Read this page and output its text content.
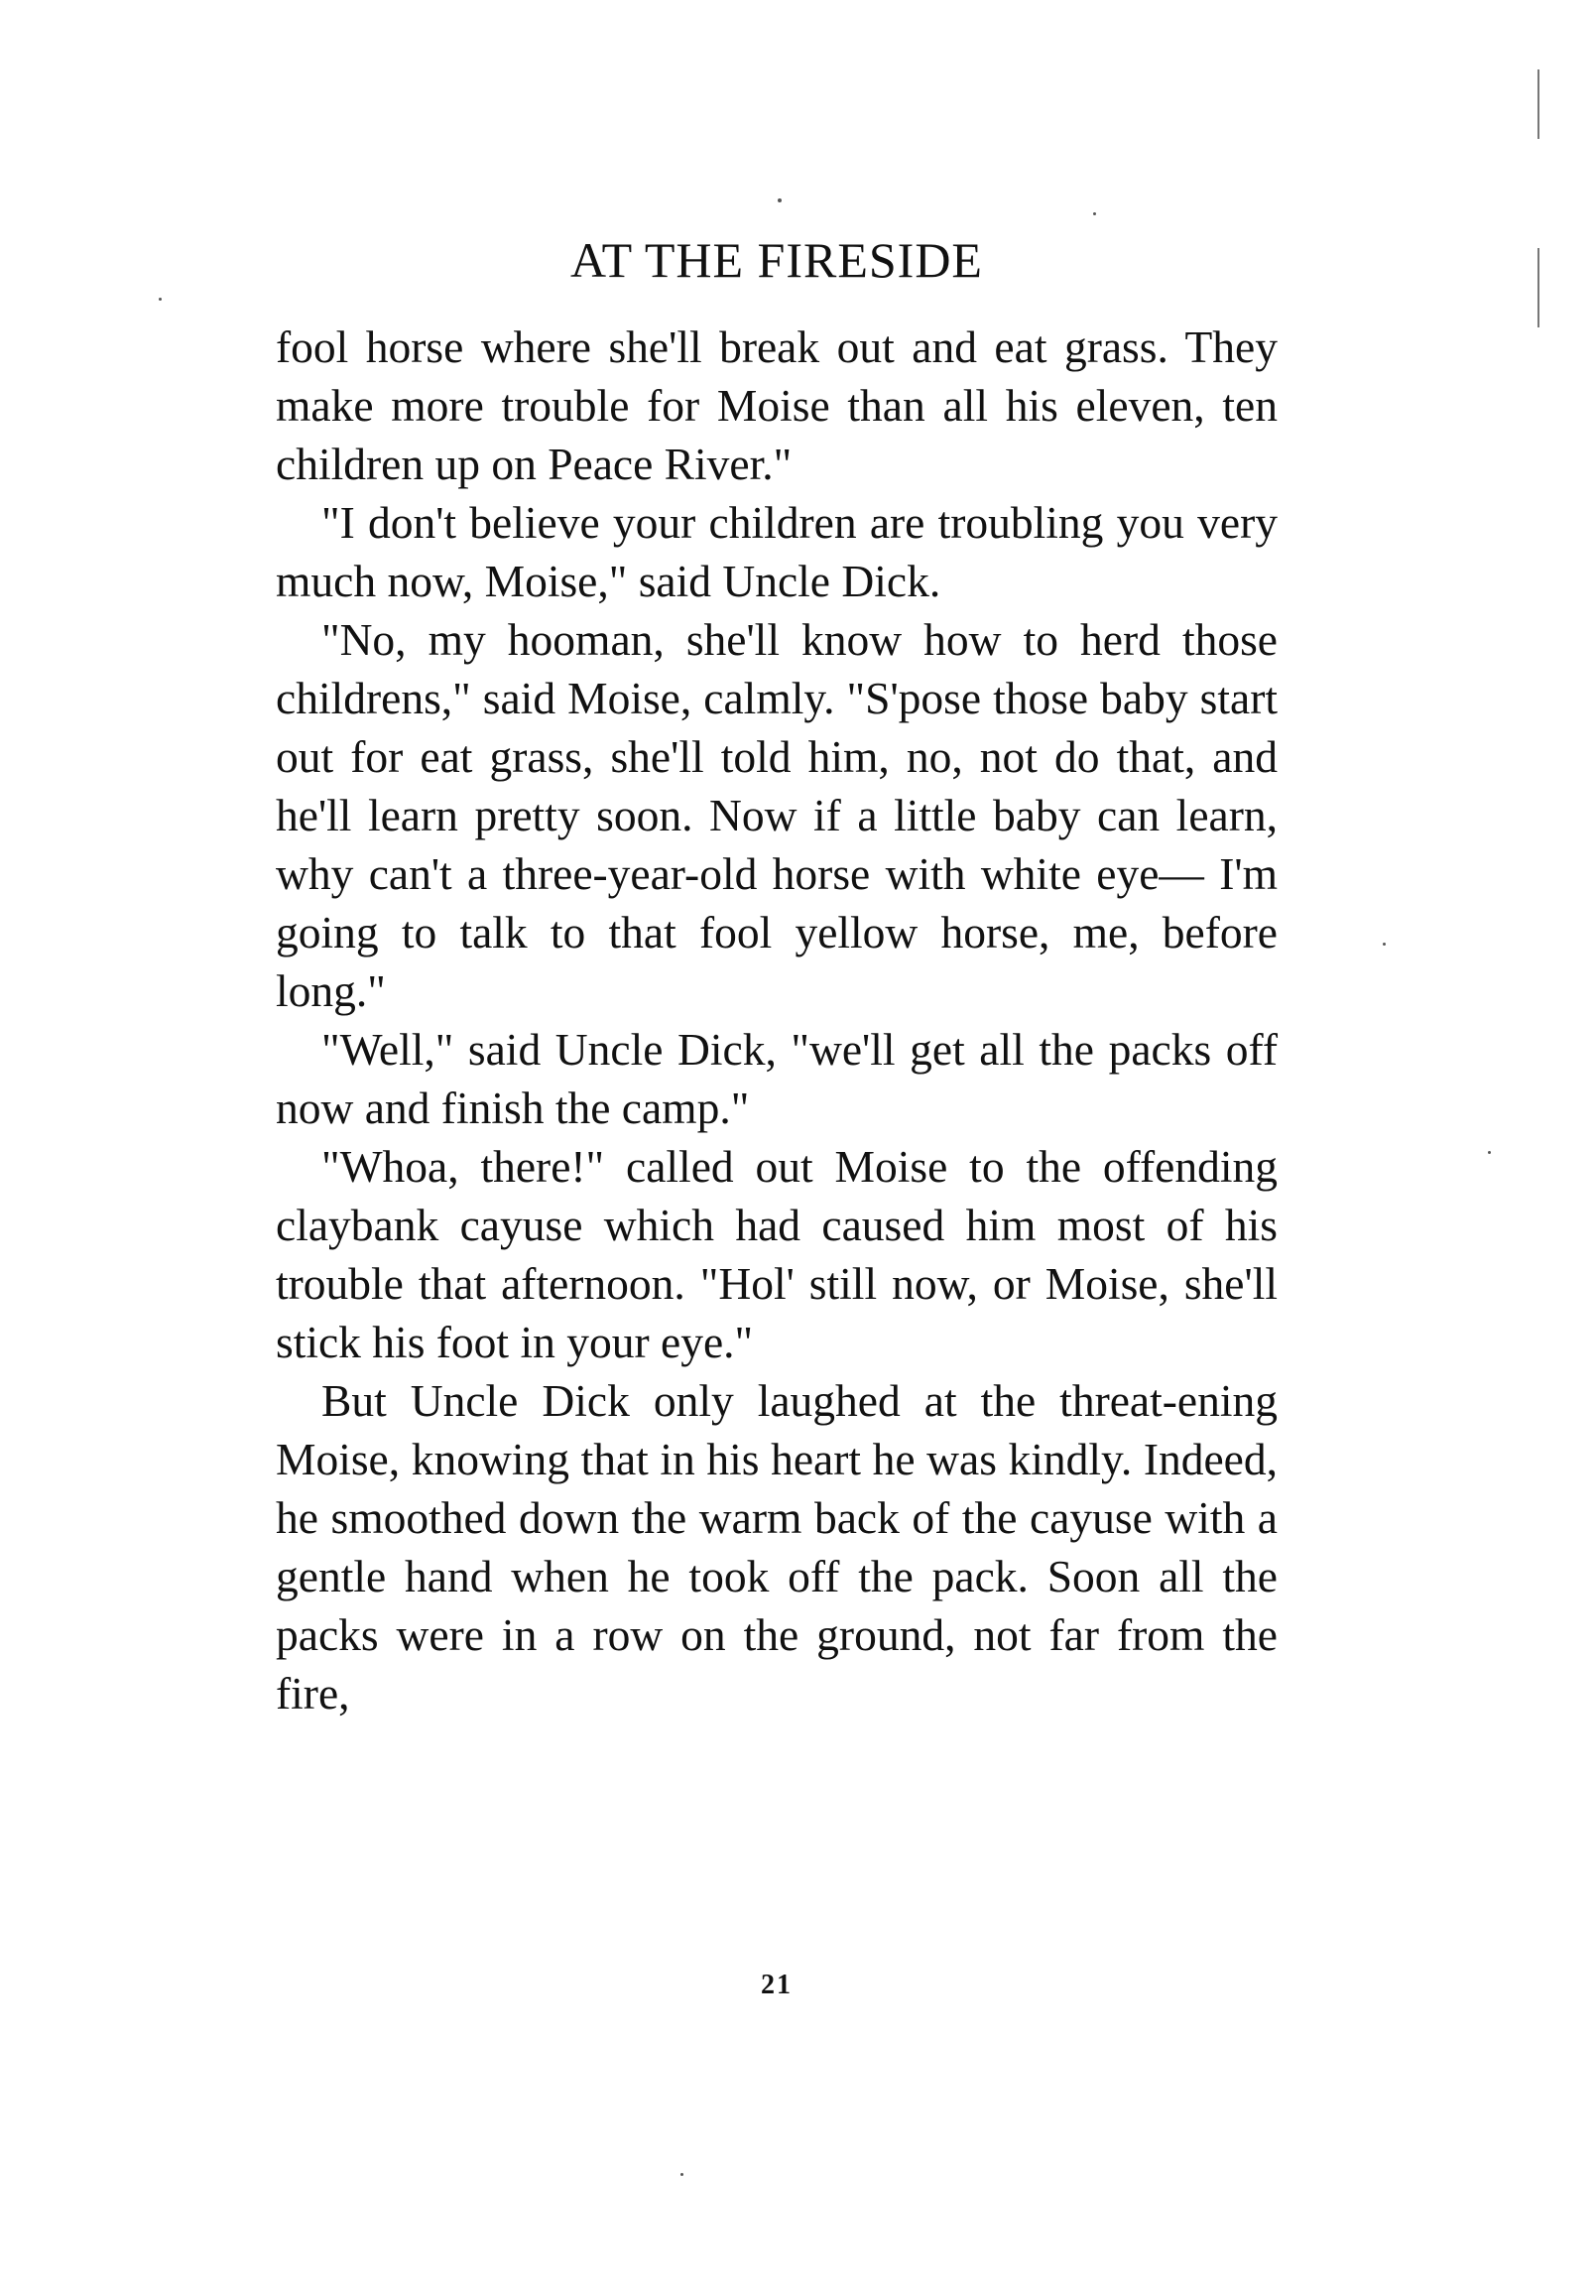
AT THE FIRESIDE

fool horse where she'll break out and eat grass. They make more trouble for Moise than all his eleven, ten children up on Peace River."

"I don't believe your children are troubling you very much now, Moise," said Uncle Dick.

"No, my hooman, she'll know how to herd those childrens," said Moise, calmly. "S'pose those baby start out for eat grass, she'll told him, no, not do that, and he'll learn pretty soon. Now if a little baby can learn, why can't a three-year-old horse with white eye— I'm going to talk to that fool yellow horse, me, before long."

"Well," said Uncle Dick, "we'll get all the packs off now and finish the camp."

"Whoa, there!" called out Moise to the offending claybank cayuse which had caused him most of his trouble that afternoon. "Hol' still now, or Moise, she'll stick his foot in your eye."

But Uncle Dick only laughed at the threat-ening Moise, knowing that in his heart he was kindly. Indeed, he smoothed down the warm back of the cayuse with a gentle hand when he took off the pack. Soon all the packs were in a row on the ground, not far from the fire,

21
